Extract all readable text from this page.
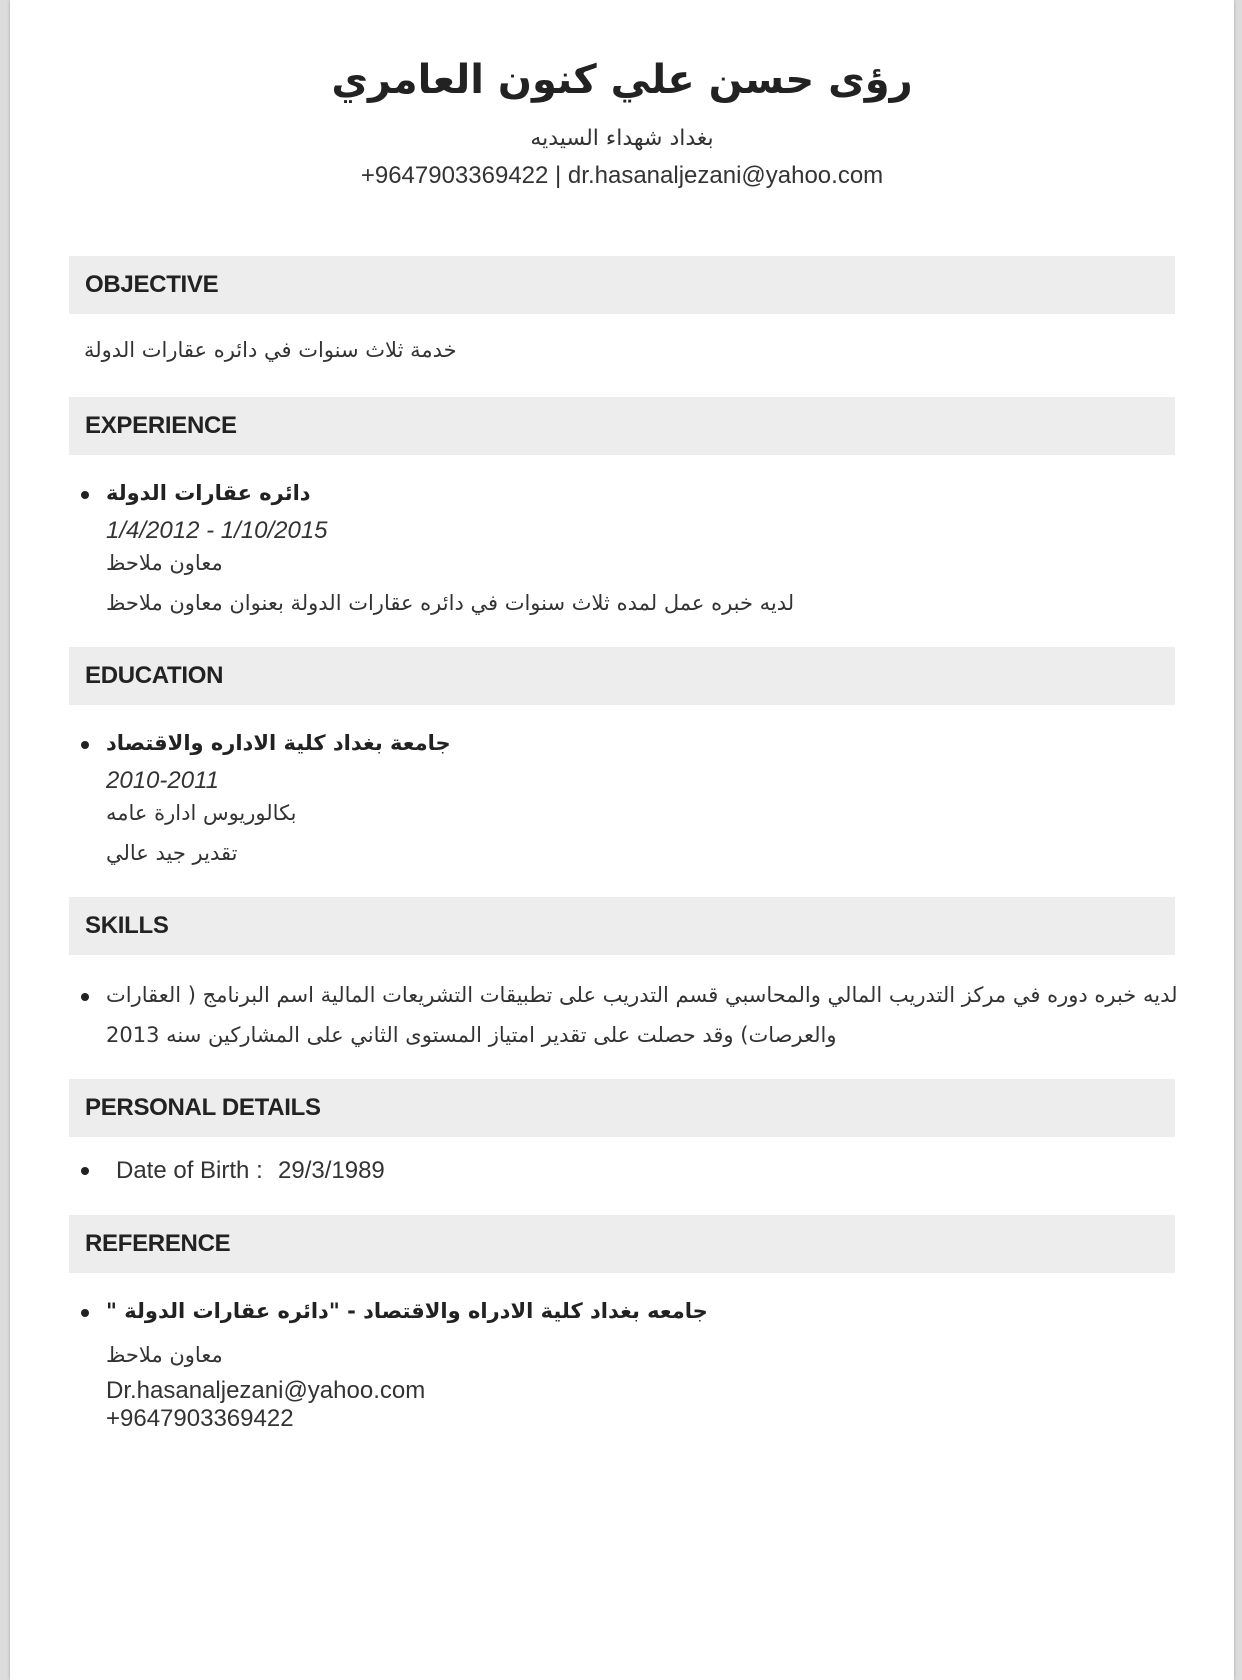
رؤى حسن علي كنون العامري
بغداد شهداء السيديه
+9647903369422 | dr.hasanaljezani@yahoo.com
OBJECTIVE
خدمة ثلاث سنوات في دائره عقارات الدولة
EXPERIENCE
دائره عقارات الدولة
1/4/2012 - 1/10/2015
معاون ملاحظ
لديه خبره عمل لمده ثلاث سنوات في دائره عقارات الدولة بعنوان معاون ملاحظ
EDUCATION
جامعة بغداد كلية الاداره والاقتصاد
2010-2011
بكالوريوس ادارة عامه
تقدير جيد عالي
SKILLS
لديه خبره دوره في مركز التدريب المالي والمحاسبي قسم التدريب على تطبيقات التشريعات المالية اسم البرنامج ( العقارات
والعرصات) وقد حصلت على تقدير امتياز المستوى الثاني على المشاركين سنه 2013
PERSONAL DETAILS
Date of Birth : 29/3/1989
REFERENCE
" جامعه بغداد كلية الادراه والاقتصاد - "دائره عقارات الدولة
معاون ملاحظ
Dr.hasanaljezani@yahoo.com
+9647903369422
